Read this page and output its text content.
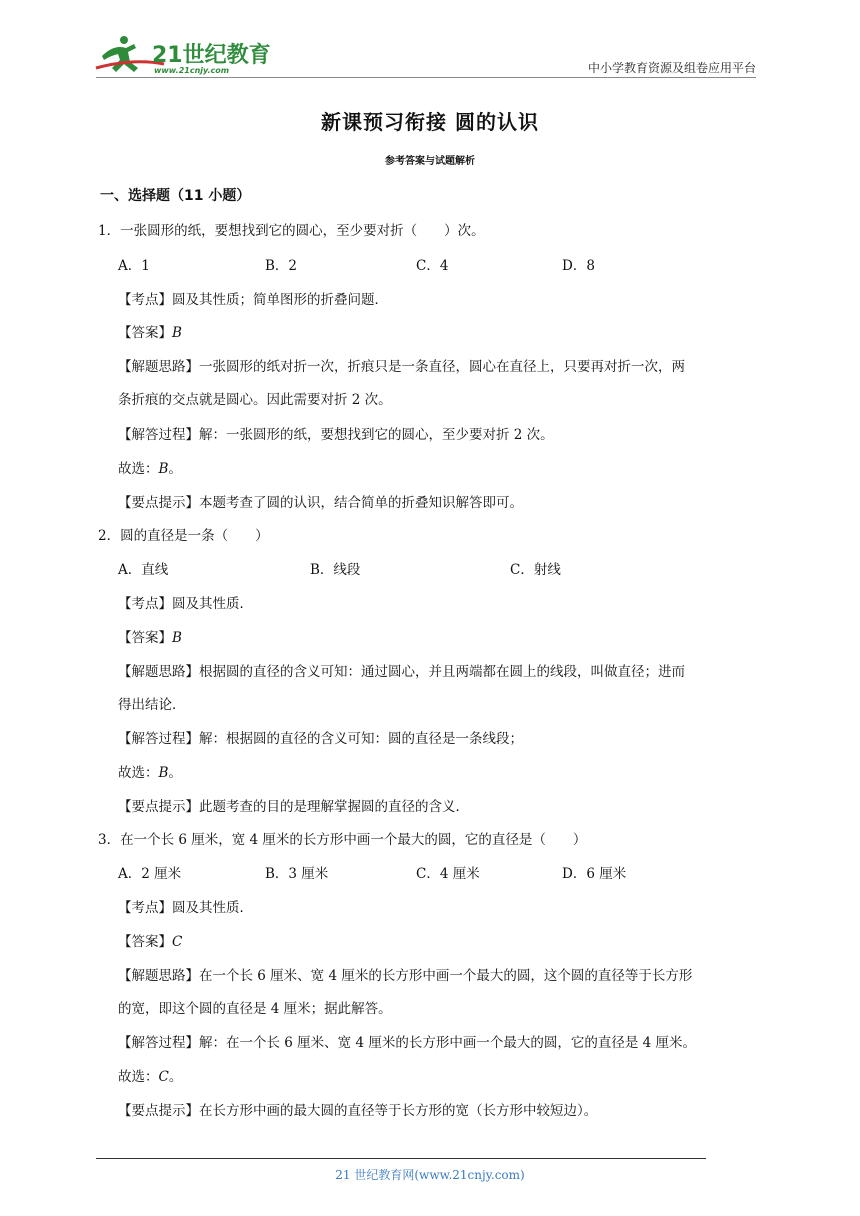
21世纪教育
www.21cnjy.com	中小学教育资源及组卷应用平台
新课预习衔接 圆的认识
参考答案与试题解析
一、选择题（11 小题）
1．一张圆形的纸，要想找到它的圆心，至少要对折（　　）次。
A．1	B．2	C．4	D．8
【考点】圆及其性质；简单图形的折叠问题．
【答案】B
【解题思路】一张圆形的纸对折一次，折痕只是一条直径，圆心在直径上，只要再对折一次，两
条折痕的交点就是圆心。因此需要对折 2 次。
【解答过程】解：一张圆形的纸，要想找到它的圆心，至少要对折 2 次。
故选：B。
【要点提示】本题考查了圆的认识，结合简单的折叠知识解答即可。
2．圆的直径是一条（　　）
A．直线	B．线段	C．射线
【考点】圆及其性质．
【答案】B
【解题思路】根据圆的直径的含义可知：通过圆心，并且两端都在圆上的线段，叫做直径；进而
得出结论．
【解答过程】解：根据圆的直径的含义可知：圆的直径是一条线段；
故选：B。
【要点提示】此题考查的目的是理解掌握圆的直径的含义．
3．在一个长 6 厘米，宽 4 厘米的长方形中画一个最大的圆，它的直径是（　　）
A．2 厘米	B．3 厘米	C．4 厘米	D．6 厘米
【考点】圆及其性质．
【答案】C
【解题思路】在一个长 6 厘米、宽 4 厘米的长方形中画一个最大的圆，这个圆的直径等于长方形
的宽，即这个圆的直径是 4 厘米；据此解答。
【解答过程】解：在一个长 6 厘米、宽 4 厘米的长方形中画一个最大的圆，它的直径是 4 厘米。
故选：C。
【要点提示】在长方形中画的最大圆的直径等于长方形的宽（长方形中较短边）。
21 世纪教育网(www.21cnjy.com)
